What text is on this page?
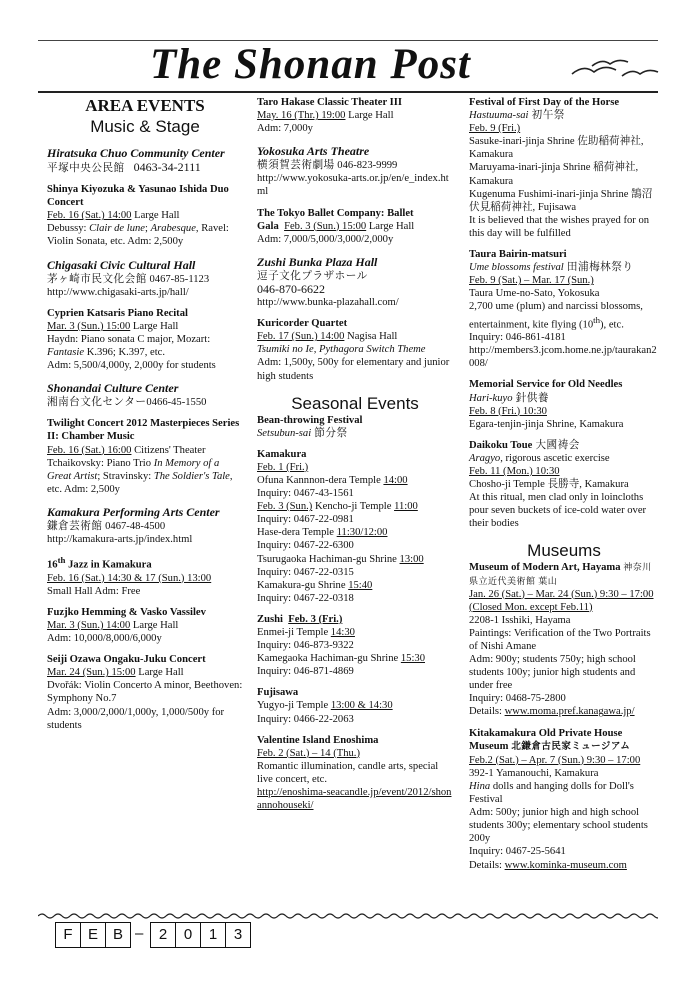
The Shonan Post

AREA EVENTS

Music & Stage

Hiratsuka Chuo Community Center

平塚中央公民館 0463-34-2111

Shinya Kiyozuka & Yasunao Ishida Duo Concert

Feb. 16 (Sat.) 14:00 Large Hall

Debussy: Clair de lune; Arabesque, Ravel: Violin Sonata, etc. Adm: 2,500y

Chigasaki Civic Cultural Hall

茅ヶ崎市民文化会館 0467-85-1123

http://www.chigasaki-arts.jp/hall/

Cyprien Katsaris Piano Recital

Mar. 3 (Sun.) 15:00 Large Hall

Haydn: Piano sonata C major, Mozart: Fantasie K.396; K.397, etc.

Adm: 5,500/4,000y, 2,000y for students

Shonandai Culture Center

湘南台文化センター0466-45-1550

Twilight Concert 2012 Masterpieces Series II: Chamber Music

Feb. 16 (Sat.) 16:00 Citizens' Theater

Tchaikovsky: Piano Trio In Memory of a Great Artist; Stravinsky: The Soldier's Tale, etc. Adm: 2,500y

Kamakura Performing Arts Center

鎌倉芸術館 0467-48-4500

http://kamakura-arts.jp/index.html

16th Jazz in Kamakura

Feb. 16 (Sat.) 14:30 & 17 (Sun.) 13:00

Small Hall Adm: Free

Fuzjko Hemming & Vasko Vassilev

Mar. 3 (Sun.) 14:00 Large Hall

Adm: 10,000/8,000/6,000y

Seiji Ozawa Ongaku-Juku Concert

Mar. 24 (Sun.) 15:00 Large Hall

Dvořák: Violin Concerto A minor, Beethoven: Symphony No.7

Adm: 3,000/2,000/1,000y, 1,000/500y for students

Taro Hakase Classic Theater III

May. 16 (Thr.) 19:00 Large Hall

Adm: 7,000y

Yokosuka Arts Theatre

横須賀芸術劇場 046-823-9999

http://www.yokosuka-arts.or.jp/en/e_index.html

The Tokyo Ballet Company: Ballet Gala Feb. 3 (Sun.) 15:00 Large Hall

Adm: 7,000/5,000/3,000/2,000y

Zushi Bunka Plaza Hall

逗子文化プラザホール

046-870-6622

http://www.bunka-plazahall.com/

Kuricorder Quartet

Feb. 17 (Sun.) 14:00 Nagisa Hall

Tsumiki no Ie, Pythagora Switch Theme

Adm: 1,500y, 500y for elementary and junior high students

Seasonal Events

Bean-throwing Festival

Setsubun-sai 節分祭

Kamakura

Feb. 1 (Fri.)

Ofuna Kannnon-dera Temple 14:00

Inquiry: 0467-43-1561

Feb. 3 (Sun.) Kencho-ji Temple 11:00

Inquiry: 0467-22-0981

Hase-dera Temple 11:30/12:00

Inquiry: 0467-22-6300

Tsurugaoka Hachiman-gu Shrine 13:00

Inquiry: 0467-22-0315

Kamakura-gu Shrine 15:40

Inquiry: 0467-22-0318

Zushi Feb. 3 (Fri.)

Enmei-ji Temple 14:30

Inquiry: 046-873-9322

Kamegaoka Hachiman-gu Shrine 15:30

Inquiry: 046-871-4869

Fujisawa

Yugyo-ji Temple 13:00 & 14:30

Inquiry: 0466-22-2063

Valentine Island Enoshima

Feb. 2 (Sat.) – 14 (Thu.)

Romantic illumination, candle arts, special live concert, etc.

http://enoshima-seacandle.jp/event/2012/shonannohouseki/

Festival of First Day of the Horse

Hastuuma-sai 初午祭

Feb. 9 (Fri.)

Sasuke-inari-jinja Shrine 佐助稲荷神社, Kamakura

Maruyama-inari-jinja Shrine 稲荷神社, Kamakura

Kugenuma Fushimi-inari-jinja Shrine 鵠沼伏見稲荷神社, Fujisawa

It is believed that the wishes prayed for on this day will be fulfilled

Taura Bairin-matsuri

Ume blossoms festival 田浦梅林祭り

Feb. 9 (Sat.) – Mar. 17 (Sun.)

Taura Ume-no-Sato, Yokosuka

2,700 ume (plum) and narcissi blossoms, entertainment, kite flying (10th), etc. Inquiry: 046-861-4181

http://members3.jcom.home.ne.jp/taurakan2008/

Memorial Service for Old Needles

Hari-kuyo 針供養

Feb. 8 (Fri.) 10:30

Egara-tenjin-jinja Shrine, Kamakura

Daikoku Toue 大國祷会

Aragyo, rigorous ascetic exercise

Feb. 11 (Mon.) 10:30

Chosho-ji Temple 長勝寺, Kamakura

At this ritual, men clad only in loincloths pour seven buckets of ice-cold water over their bodies

Museums

Museum of Modern Art, Hayama 神奈川県立近代美術館 葉山

Jan. 26 (Sat.) – Mar. 24 (Sun.) 9:30 – 17:00 (Closed Mon. except Feb.11)

2208-1 Isshiki, Hayama

Paintings: Verification of the Two Portraits of Nishi Amane

Adm: 900y; students 750y; high school students 100y; junior high students and under free

Inquiry: 0468-75-2800

Details: www.moma.pref.kanagawa.jp/

Kitakamakura Old Private House Museum 北鎌倉古民家ミュージアム

Feb.2 (Sat.) – Apr. 7 (Sun.) 9:30 – 17:00 392-1 Yamanouchi, Kamakura

Hina dolls and hanging dolls for Doll's Festival

Adm: 500y; junior high and high school students 300y; elementary school students 200y

Inquiry: 0467-25-5641

Details: www.kominka-museum.com

F	E B –	2	0	1	3
